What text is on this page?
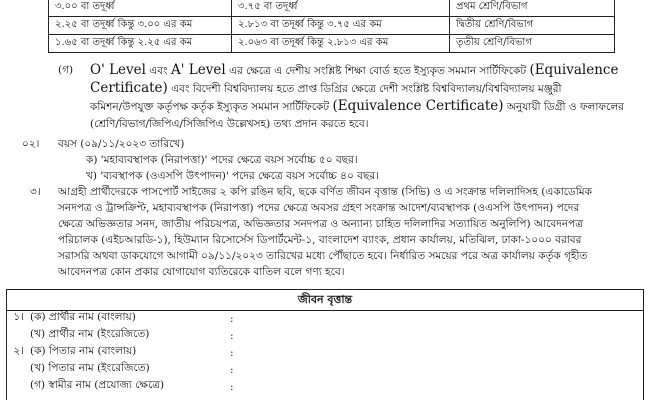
৩.০০ বা তদূর্ধ্ব	৩.৭৫ বা তদূর্ধ্ব	প্রথম শ্রেণি/বিভাগ
২.২৫ বা তদূর্ধ্ব কিন্তু ৩.০০ এর কম	২.৮১৩ বা তদূর্ধ্ব কিন্তু ৩.৭৫ এর কম	দ্বিতীয় শ্রেণি/বিভাগ
১.৬৫ বা তদূর্ধ্ব কিন্তু ২.২৫ এর কম	২.০৬৩ বা তদূর্ধ্ব কিন্তু ২.৮১৩ এর কম	তৃতীয় শ্রেণি/বিভাগ
(গ) O' Level এবং A' Level এর ক্ষেত্রে এ দেশীয় সংশ্লিষ্ট শিক্ষা বোর্ড হতে ইস্যুকৃত সমমান সার্টিফিকেট (Equivalence
Certificate) এবং বিদেশী বিশ্ববিদ্যালয় হতে প্রাপ্ত ডিগ্রির ক্ষেত্রে দেশী সংশ্লিষ্ট বিশ্ববিদ্যালয়/বিশ্ববিদ্যালয় মঞ্জুরী
কমিশন/উপযুক্ত কর্তৃপক্ষ কর্তৃক ইস্যুকৃত সমমান সার্টিফিকেট (Equivalence Certificate) অনুযায়ী ডিগ্রী ও ফলাফলের
(শ্রেণি/বিভাগ/জিপিএ/সিজিপিএ উল্লেখসহ) তথ্য প্রদান করতে হবে।
০২। বয়স (০৯/১১/২০২৩ তারিখে)
ক) 'মহাব্যবস্থাপক (নিরাপত্তা)' পদের ক্ষেত্রে বয়স সর্বোচ্চ ৫০ বছর।
খ) 'ব্যবস্থাপক (ওএসপি উৎপাদন)' পদের ক্ষেত্রে বয়স সর্বোচ্চ ৪০ বছর।
৩। আগ্রহী প্রার্থীদেরকে পাসপোর্ট সাইজের ২ কপি রঙিন ছবি, ছকে বর্ণিত জীবন বৃত্তান্ত (সিভি) ও এ সংক্রান্ত দলিলাদিসহ (একাডেমিক
সনদপত্র ও ট্রান্সক্রিপ্ট, মহাব্যবস্থাপক (নিরাপত্তা) পদের ক্ষেত্রে অবসর গ্রহণ সংক্রান্ত আদেশ/ব্যবস্থাপক (ওএসপি উৎপাদন) পদের
ক্ষেত্রে অভিজ্ঞতার সনদ, জাতীয় পরিচয়পত্র, অভিজ্ঞতার সনদপত্র ও অন্যান্য চাহিত দলিলাদির সত্যায়িত অনুলিপি) আবেদনপত্র
পরিচালক (এইচআরডি-১), হিউম্যান রিসোর্সেস ডিপার্টমেন্ট-১, বাংলাদেশ ব্যাংক, প্রধান কার্যালয়, মতিঝিল, ঢাকা-১০০০ বরাবর
সরাসরি অথবা ডাকযোগে আগামী ০৯/১১/২০২৩ তারিখের মধ্যে পৌঁছাতে হবে। নির্ধারিত সময়ের পরে অত্র কার্যালয় কর্তৃক গৃহীত
আবেদনপত্র কোন প্রকার যোগাযোগ ব্যতিরেকে বাতিল বলে গণ্য হবে।
জীবন বৃত্তান্ত
১।	(ক) প্রার্থীর নাম (বাংলায়)	:	
	(খ) প্রার্থীর নাম (ইংরেজিতে)	:	
২।	(ক) পিতার নাম (বাংলায়)	:	
	(খ) পিতার নাম (ইংরেজিতে)	:	
	(গ) স্বামীর নাম (প্রযোজ্য ক্ষেত্রে)	:	
